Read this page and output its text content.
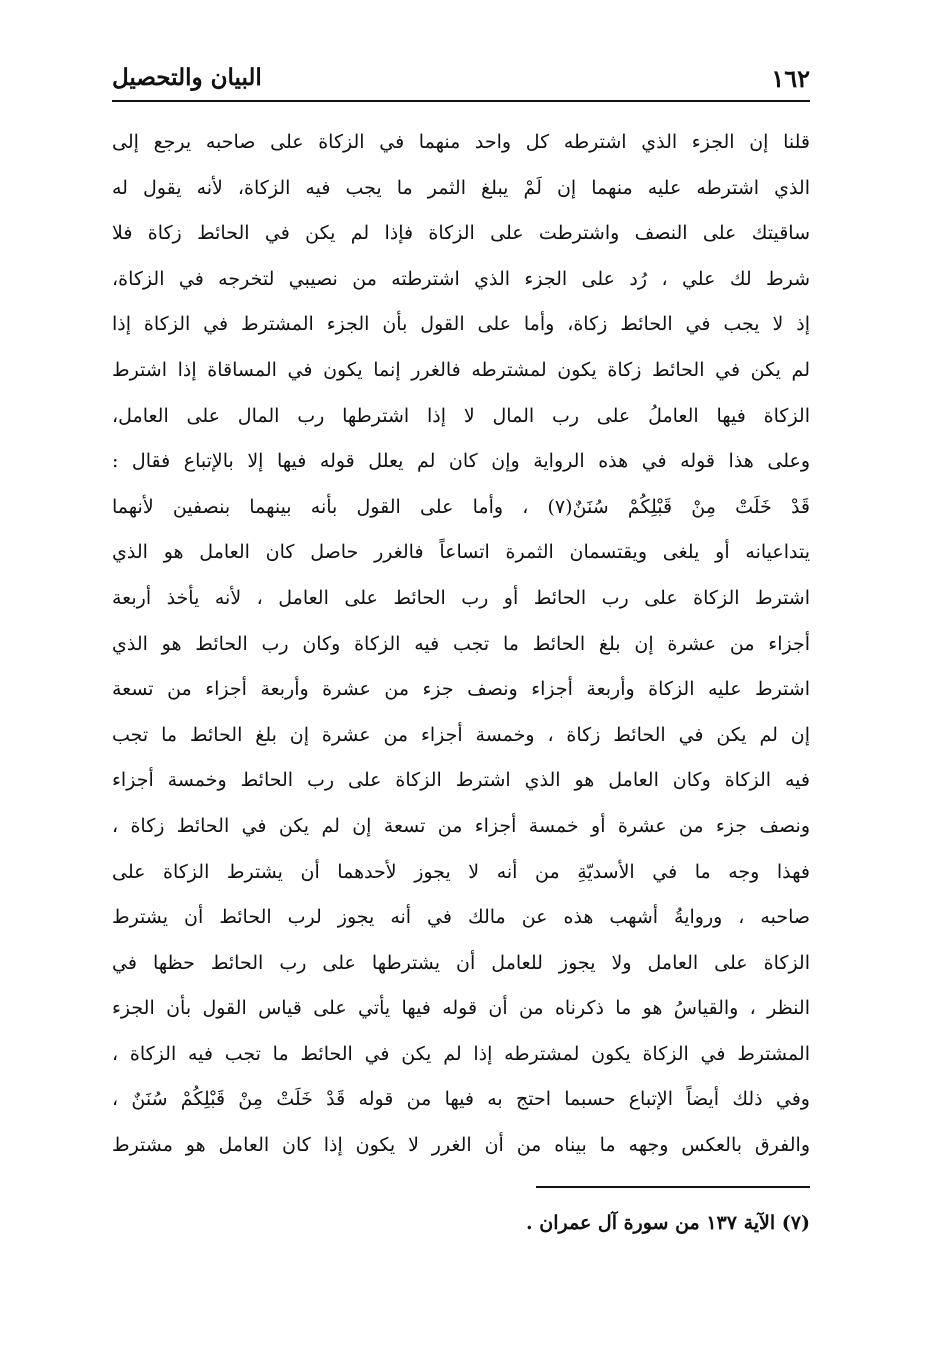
١٦٢
البيان والتحصيل
قلنا إن الجزء الذي اشترطه كل واحد منهما في الزكاة على صاحبه يرجع إلى
الذي اشترطه عليه منهما إن لَمْ يبلغ الثمر ما يجب فيه الزكاة، لأنه يقول له
ساقيتك على النصف واشترطت على الزكاة فإذا لم يكن في الحائط زكاة فلا
شرط لك علي ، رُد على الجزء الذي اشترطته من نصيبي لتخرجه في الزكاة،
إذ لا يجب في الحائط زكاة، وأما على القول بأن الجزء المشترط في الزكاة إذا
لم يكن في الحائط زكاة يكون لمشترطه فالغرر إنما يكون في المساقاة إذا اشترط
الزكاة فيها العاملُ على رب المال لا إذا اشترطها رب المال على العامل،
وعلى هذا قوله في هذه الرواية وإن كان لم يعلل قوله فيها إلا بالإتباع فقال :
قَدْ خَلَتْ مِنْ قَبْلِكُمْ سُنَنٌ(٧) ، وأما على القول بأنه بينهما بنصفين لأنهما
يتداعيانه أو يلغى ويقتسمان الثمرة اتساعاً فالغرر حاصل كان العامل هو الذي
اشترط الزكاة على رب الحائط أو رب الحائط على العامل ، لأنه يأخذ أربعة
أجزاء من عشرة إن بلغ الحائط ما تجب فيه الزكاة وكان رب الحائط هو الذي
اشترط عليه الزكاة وأربعة أجزاء ونصف جزء من عشرة وأربعة أجزاء من تسعة
إن لم يكن في الحائط زكاة ، وخمسة أجزاء من عشرة إن بلغ الحائط ما تجب
فيه الزكاة وكان العامل هو الذي اشترط الزكاة على رب الحائط وخمسة أجزاء
ونصف جزء من عشرة أو خمسة أجزاء من تسعة إن لم يكن في الحائط زكاة ،
فهذا وجه ما في الأسديّةِ من أنه لا يجوز لأحدهما أن يشترط الزكاة على
صاحبه ، وروايةُ أشهب هذه عن مالك في أنه يجوز لرب الحائط أن يشترط
الزكاة على العامل ولا يجوز للعامل أن يشترطها على رب الحائط حظها في
النظر ، والقياسُ هو ما ذكرناه من أن قوله فيها يأتي على قياس القول بأن الجزء
المشترط في الزكاة يكون لمشترطه إذا لم يكن في الحائط ما تجب فيه الزكاة ،
وفي ذلك أيضاً الإتباع حسبما احتج به فيها من قوله قَدْ خَلَتْ مِنْ قَبْلِكُمْ سُنَنٌ ،
والفرق بالعكس وجهه ما بيناه من أن الغرر لا يكون إذا كان العامل هو مشترط
(٧) الآية ١٣٧ من سورة آل عمران .
